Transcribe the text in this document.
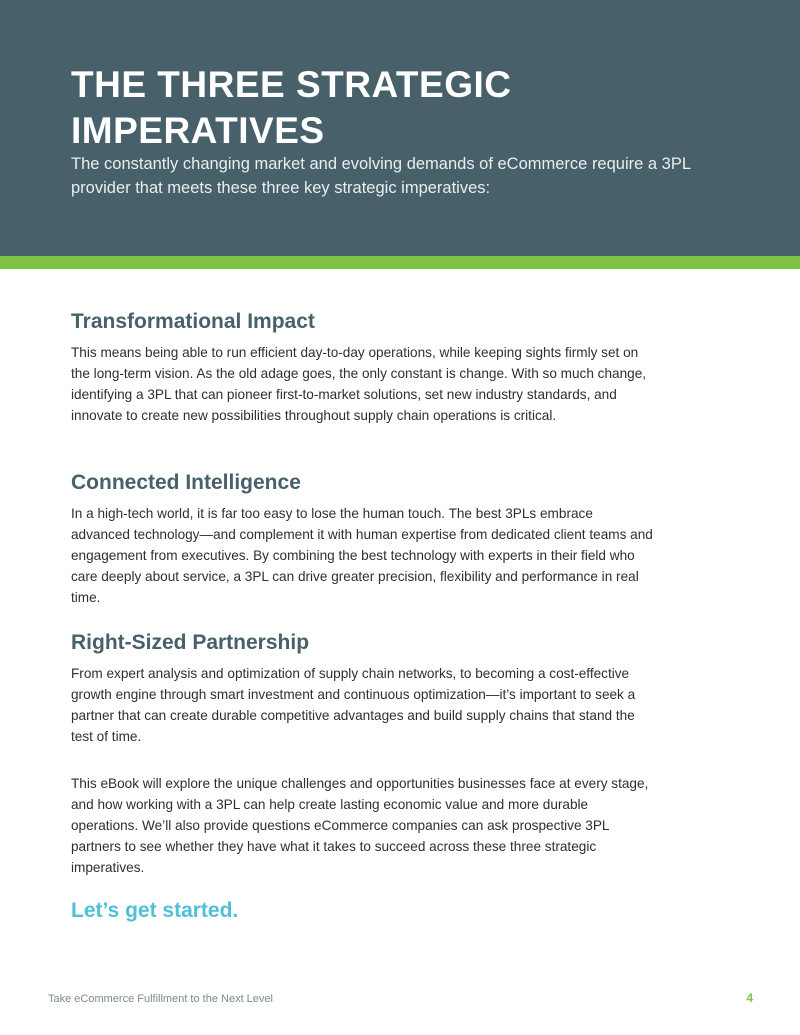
THE THREE STRATEGIC IMPERATIVES

The constantly changing market and evolving demands of eCommerce require a 3PL provider that meets these three key strategic imperatives:

Transformational Impact

This means being able to run efficient day-to-day operations, while keeping sights firmly set on the long-term vision. As the old adage goes, the only constant is change. With so much change, identifying a 3PL that can pioneer first-to-market solutions, set new industry standards, and innovate to create new possibilities throughout supply chain operations is critical.

Connected Intelligence

In a high-tech world, it is far too easy to lose the human touch. The best 3PLs embrace advanced technology—and complement it with human expertise from dedicated client teams and engagement from executives. By combining the best technology with experts in their field who care deeply about service, a 3PL can drive greater precision, flexibility and performance in real time.

Right-Sized Partnership

From expert analysis and optimization of supply chain networks, to becoming a cost-effective growth engine through smart investment and continuous optimization—it’s important to seek a partner that can create durable competitive advantages and build supply chains that stand the test of time.

This eBook will explore the unique challenges and opportunities businesses face at every stage, and how working with a 3PL can help create lasting economic value and more durable operations. We’ll also provide questions eCommerce companies can ask prospective 3PL partners to see whether they have what it takes to succeed across these three strategic imperatives.

Let’s get started.

Take eCommerce Fulfillment to the Next Level	4
